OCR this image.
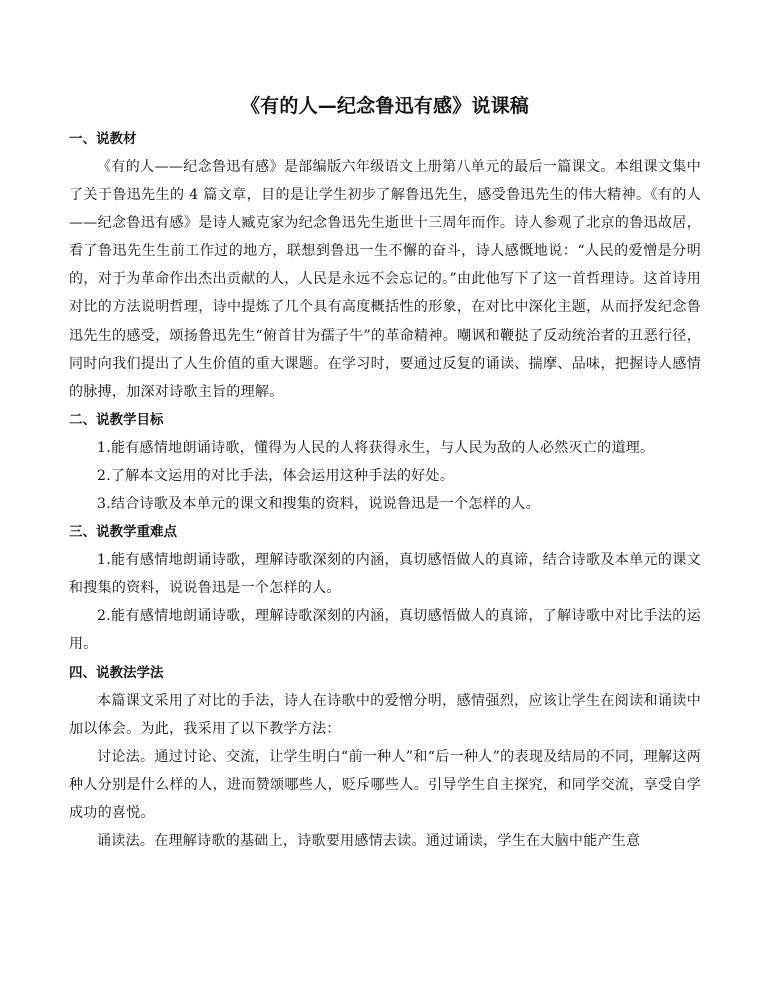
《有的人—纪念鲁迅有感》说课稿
一、说教材

《有的人——纪念鲁迅有感》是部编版六年级语文上册第八单元的最后一篇课文。本组课文集中了关于鲁迅先生的 4 篇文章，目的是让学生初步了解鲁迅先生，感受鲁迅先生的伟大精神。《有的人——纪念鲁迅有感》是诗人臧克家为纪念鲁迅先生逝世十三周年而作。诗人参观了北京的鲁迅故居，看了鲁迅先生生前工作过的地方，联想到鲁迅一生不懈的奋斗，诗人感慨地说：“人民的爱憎是分明的，对于为革命作出杰出贡献的人，人民是永远不会忘记的。”由此他写下了这一首哲理诗。这首诗用对比的方法说明哲理，诗中提炼了几个具有高度概括性的形象，在对比中深化主题，从而抒发纪念鲁迅先生的感受，颂扬鲁迅先生“俯首甘为孺子牛”的革命精神。嘲讽和鞭挞了反动统治者的丑恶行径，同时向我们提出了人生价值的重大课题。在学习时，要通过反复的诵读、揣摩、品味，把握诗人感情的脉搏，加深对诗歌主旨的理解。

二、说教学目标

1.能有感情地朗诵诗歌，懂得为人民的人将获得永生，与人民为敌的人必然灭亡的道理。

2.了解本文运用的对比手法，体会运用这种手法的好处。

3.结合诗歌及本单元的课文和搜集的资料，说说鲁迅是一个怎样的人。

三、说教学重难点

1.能有感情地朗诵诗歌，理解诗歌深刻的内涵，真切感悟做人的真谛，结合诗歌及本单元的课文和搜集的资料，说说鲁迅是一个怎样的人。

2.能有感情地朗诵诗歌，理解诗歌深刻的内涵，真切感悟做人的真谛，了解诗歌中对比手法的运用。

四、说教法学法

本篇课文采用了对比的手法，诗人在诗歌中的爱憎分明，感情强烈，应该让学生在阅读和诵读中加以体会。为此，我采用了以下教学方法：

讨论法。通过讨论、交流，让学生明白“前一种人”和“后一种人”的表现及结局的不同，理解这两种人分别是什么样的人，进而赞颂哪些人，贬斥哪些人。引导学生自主探究，和同学交流，享受自学成功的喜悦。

诵读法。在理解诗歌的基础上，诗歌要用感情去读。通过诵读，学生在大脑中能产生意
